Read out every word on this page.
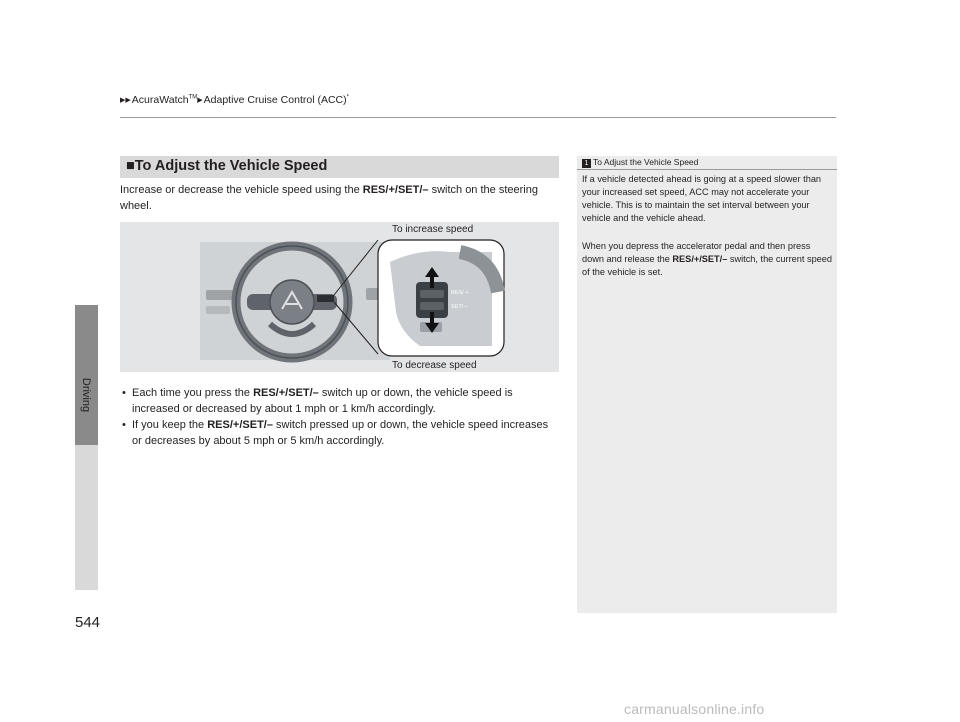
▶▶AcuraWatch™▶Adaptive Cruise Control (ACC)*
Driving
544
■To Adjust the Vehicle Speed
Increase or decrease the vehicle speed using the RES/+/SET/– switch on the steering wheel.
RES/ +
SET/ –
To increase speed
To decrease speed
• Each time you press the RES/+/SET/– switch up or down, the vehicle speed is increased or decreased by about 1 mph or 1 km/h accordingly.
• If you keep the RES/+/SET/– switch pressed up or down, the vehicle speed increases or decreases by about 5 mph or 5 km/h accordingly.
1 To Adjust the Vehicle Speed
If a vehicle detected ahead is going at a speed slower than your increased set speed, ACC may not accelerate your vehicle. This is to maintain the set interval between your vehicle and the vehicle ahead.
When you depress the accelerator pedal and then press down and release the RES/+/SET/– switch, the current speed of the vehicle is set.
carmanualsonline.info
